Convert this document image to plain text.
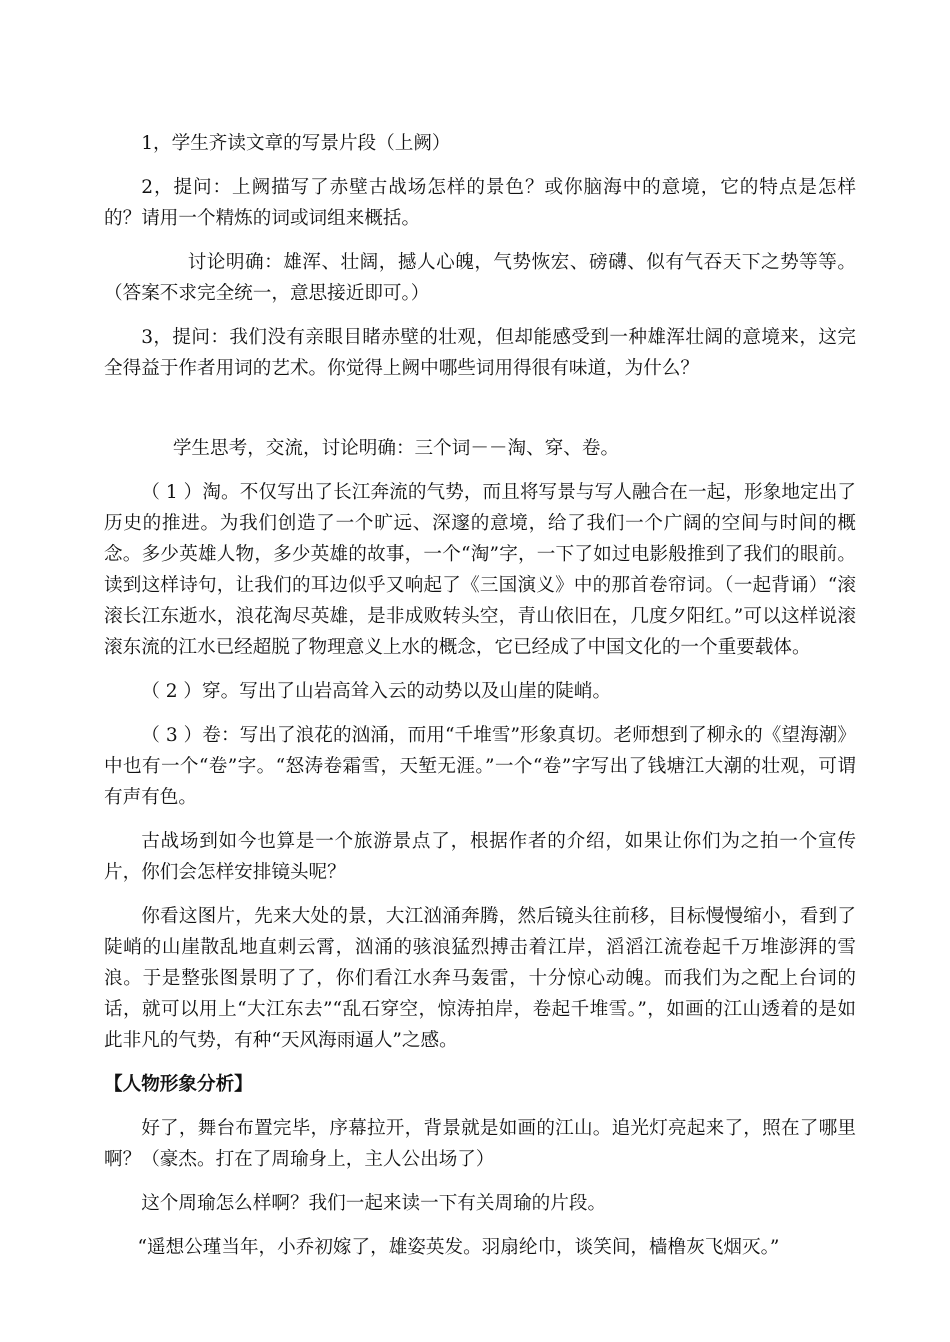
1，学生齐读文章的写景片段（上阙）

2，提问：上阙描写了赤壁古战场怎样的景色？或你脑海中的意境，它的特点是怎样的？请用一个精炼的词或词组来概括。

讨论明确：雄浑、壮阔，撼人心魄，气势恢宏、磅礴、似有气吞天下之势等等。（答案不求完全统一，意思接近即可。）

3，提问：我们没有亲眼目睹赤壁的壮观，但却能感受到一种雄浑壮阔的意境来，这完全得益于作者用词的艺术。你觉得上阙中哪些词用得很有味道，为什么？

学生思考，交流，讨论明确：三个词－－淘、穿、卷。

（ 1 ）淘。不仅写出了长江奔流的气势，而且将写景与写人融合在一起，形象地定出了历史的推进。为我们创造了一个旷远、深邃的意境，给了我们一个广阔的空间与时间的概念。多少英雄人物，多少英雄的故事，一个“淘”字，一下了如过电影般推到了我们的眼前。读到这样诗句，让我们的耳边似乎又响起了《三国演义》中的那首卷帘词。（一起背诵）“滚滚长江东逝水，浪花淘尽英雄，是非成败转头空，青山依旧在，几度夕阳红。”可以这样说滚滚东流的江水已经超脱了物理意义上水的概念，它已经成了中国文化的一个重要载体。

（ 2 ）穿。写出了山岩高耸入云的动势以及山崖的陡峭。

（ 3 ）卷：写出了浪花的汹涌，而用“千堆雪”形象真切。老师想到了柳永的《望海潮》中也有一个“卷”字。“怒涛卷霜雪，天堑无涯。”一个“卷”字写出了钱塘江大潮的壮观，可谓有声有色。

古战场到如今也算是一个旅游景点了，根据作者的介绍，如果让你们为之拍一个宣传片，你们会怎样安排镜头呢？

你看这图片，先来大处的景，大江汹涌奔腾，然后镜头往前移，目标慢慢缩小，看到了陡峭的山崖散乱地直刺云霄，汹涌的骇浪猛烈搏击着江岸，滔滔江流卷起千万堆澎湃的雪浪。于是整张图景明了了，你们看江水奔马轰雷，十分惊心动魄。而我们为之配上台词的话，就可以用上“大江东去”“乱石穿空，惊涛拍岸，卷起千堆雪。”，如画的江山透着的是如此非凡的气势，有种“天风海雨逼人”之感。

【人物形象分析】

好了，舞台布置完毕，序幕拉开，背景就是如画的江山。追光灯亮起来了，照在了哪里啊？（豪杰。打在了周瑜身上，主人公出场了）

这个周瑜怎么样啊？我们一起来读一下有关周瑜的片段。

“遥想公瑾当年，小乔初嫁了，雄姿英发。羽扇纶巾，谈笑间，樯橹灰飞烟灭。”
